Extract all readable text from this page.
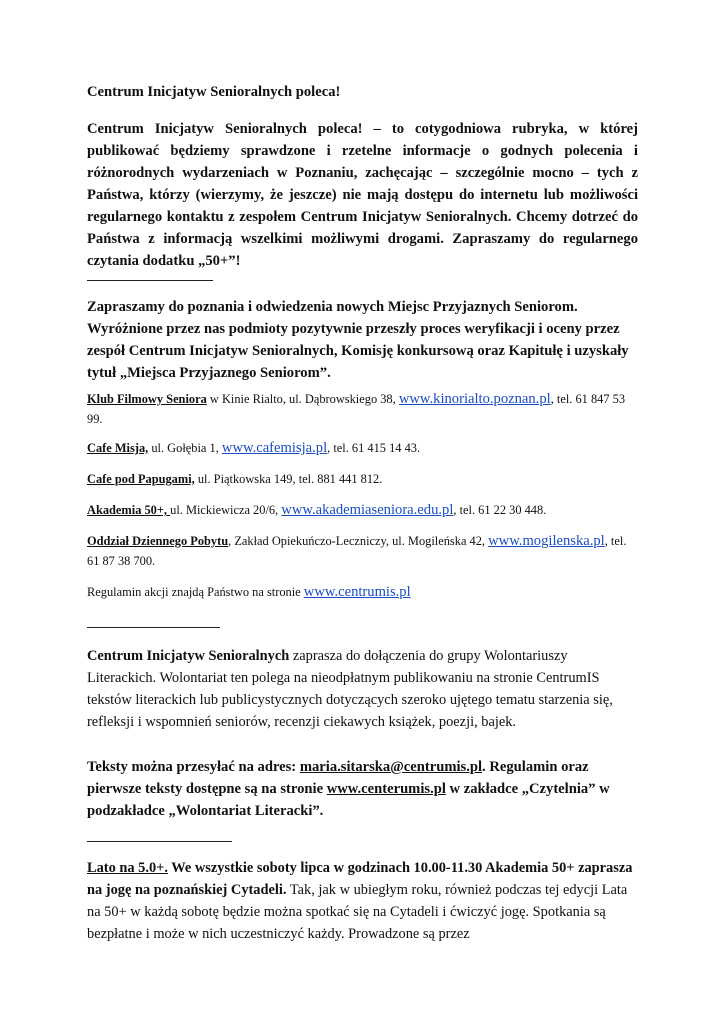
Centrum Inicjatyw Senioralnych poleca!
Centrum Inicjatyw Senioralnych poleca! – to cotygodniowa rubryka, w której publikować będziemy sprawdzone i rzetelne informacje o godnych polecenia i różnorodnych wydarzeniach w Poznaniu, zachęcając – szczególnie mocno – tych z Państwa, którzy (wierzymy, że jeszcze) nie mają dostępu do internetu lub możliwości regularnego kontaktu z zespołem Centrum Inicjatyw Senioralnych. Chcemy dotrzeć do Państwa z informacją wszelkimi możliwymi drogami. Zapraszamy do regularnego czytania dodatku „50+”!
Zapraszamy do poznania i odwiedzenia nowych Miejsc Przyjaznych Seniorom. Wyróżnione przez nas podmioty pozytywnie przeszły proces weryfikacji i oceny przez zespół Centrum Inicjatyw Senioralnych, Komisję konkursową oraz Kapitułę i uzyskały tytuł „Miejsca Przyjaznego Seniorom”.
Klub Filmowy Seniora w Kinie Rialto, ul. Dąbrowskiego 38, www.kinorialto.poznan.pl, tel. 61 847 53 99.
Cafe Misja, ul. Gołębia 1, www.cafemisja.pl, tel. 61 415 14 43.
Cafe pod Papugami, ul. Piątkowska 149, tel. 881 441 812.
Akademia 50+, ul. Mickiewicza 20/6, www.akademiaseniora.edu.pl, tel. 61 22 30 448.
Oddział Dziennego Pobytu, Zakład Opiekuńczo-Leczniczy, ul. Mogileńska 42, www.mogilenska.pl, tel. 61 87 38 700.
Regulamin akcji znajdą Państwo na stronie www.centrumis.pl
Centrum Inicjatyw Senioralnych zaprasza do dołączenia do grupy Wolontariuszy Literackich. Wolontariat ten polega na nieodpłatnym publikowaniu na stronie CentrumIS tekstów literackich lub publicystycznych dotyczących szeroko ujętego tematu starzenia się, refleksji i wspomnień seniorów, recenzji ciekawych książek, poezji, bajek.
Teksty można przesyłać na adres: maria.sitarska@centrumis.pl. Regulamin oraz pierwsze teksty dostępne są na stronie www.centerumis.pl w zakładce „Czytelnia” w podzakładce „Wolontariat Literacki”.
Lato na 5.0+. We wszystkie soboty lipca w godzinach 10.00-11.30 Akademia 50+ zaprasza na jogę na poznańskiej Cytadeli. Tak, jak w ubiegłym roku, również podczas tej edycji Lata na 50+ w każdą sobotę będzie można spotkać się na Cytadeli i ćwiczyć jogę. Spotkania są bezpłatne i może w nich uczestniczyć każdy. Prowadzone są przez
